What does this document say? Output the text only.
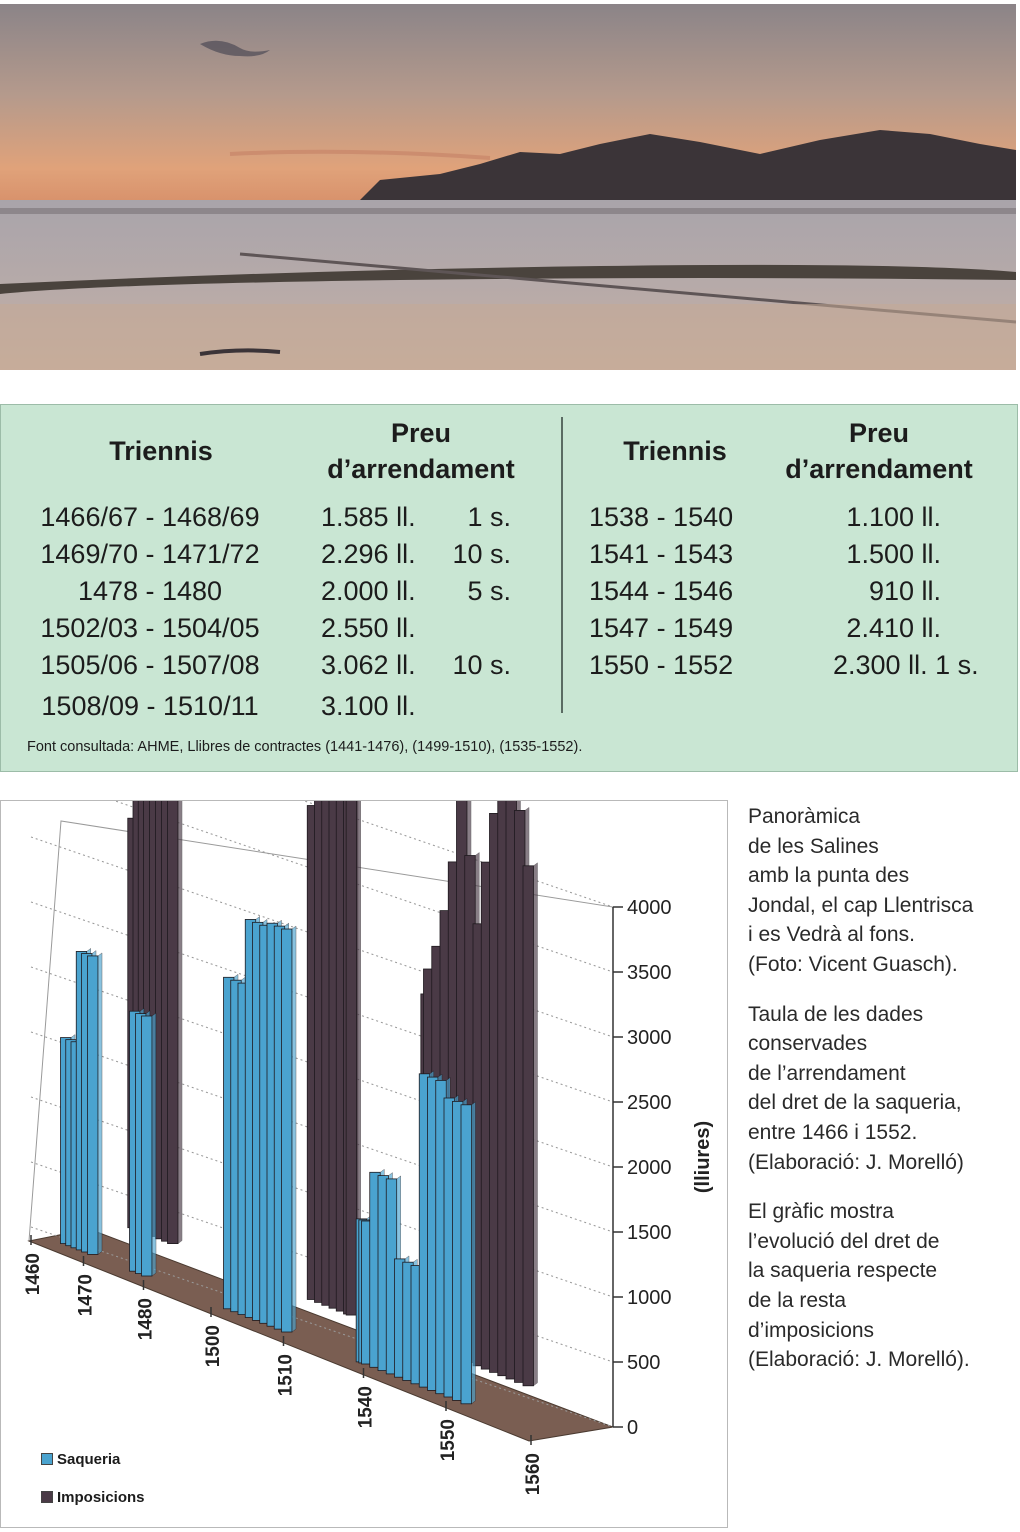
Triennis
Preu
d’arrendament
Triennis
Preu
d’arrendament
1466/67 - 1468/69	1.585 ll.	1 s.
1469/70 - 1471/72	2.296 ll.	10 s.
1478 - 1480	2.000 ll.	5 s.
1502/03 - 1504/05	2.550 ll.
1505/06 - 1507/08	3.062 ll.	10 s.
1508/09 - 1510/11	3.100 ll.
1538 - 1540	1.100 ll.
1541 - 1543	1.500 ll.
1544 - 1546	910 ll.
1547 - 1549	2.410 ll.
1550 - 1552	2.300 ll. 1 s.
Font consultada: AHME, Llibres de contractes (1441-1476), (1499-1510), (1535-1552).
0
500
1000
1500
2000
2500
3000
3500
4000
(lliures)
1460 1470
1480
1500
1510
1540
1550
1560
Saqueria
Imposicions

Panoràmica
de les Salines
amb la punta des
Jondal, el cap Llentrisca
i es Vedrà al fons.
(Foto: Vicent Guasch).

Taula de les dades
conservades
de l’arrendament
del dret de la saqueria,
entre 1466 i 1552.
(Elaboració: J. Morelló)

El gràfic mostra
l’evolució del dret de
la saqueria respecte
de la resta
d’imposicions
(Elaboració: J. Morelló).
